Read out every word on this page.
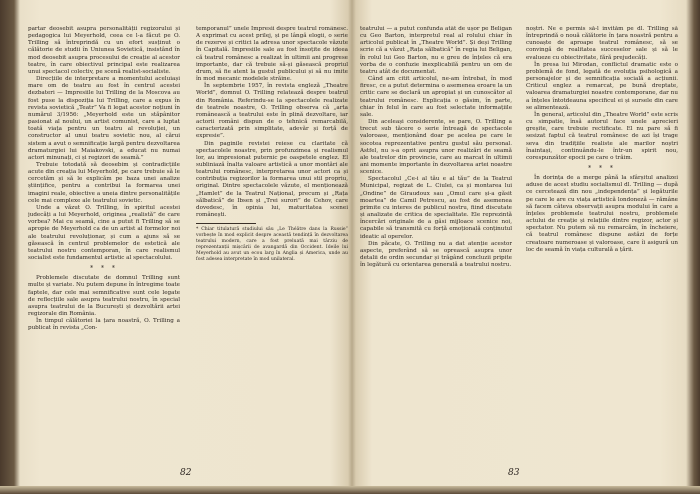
partar deosebit asupra personalității regizorului și pedagogica lui Meyerhold, ceea ce l-a făcut pe O. Trilling să întreprindă cu un efort susținut o călătorie de studii în Uniunea Sovietică, insistând în mod deosebit asupra procesului de creație al acestor teatre, în care obiectivul principal este realizarea unui spectacol colectiv, pe scenă realist-socialiste.

Direcțiile de interpretare a momentului aceluiași mare om de teatru au fost în centrul acestei dezbateri — Impresiile lui Trilling de la Moscova au fost puse la dispoziția lui Trilling, care a expus în revista sovietică „Teatr” Va fi legat acestor noțiuni în numărul 3/1956: „Meyerhold este un stăpânitor pasionat al noului, un artist comunist, care a luptat toată viața pentru un teatru al revoluției, un constructor al unui teatru sovietic nou, al cărui sistem a avut o semnificație largă pentru dezvoltarea dramaturgiei lui Maiakovski, a educat nu numai actori minunați, ci și regizori de seamă.”

Trebuie totodată să deosebim și contradicțiile acute din creația lui Meyerhold, pe care trebuie să le cercetăm și să le explicăm pe baza unei analize științifice, pentru a contribui la formarea unei imagini reale, obiective a uneia dintre personalitățile cele mai complexe ale teatrului sovietic.

Unde a văzut O. Trilling, în spiritul acestei judecăți a lui Meyerhold, originea „realistă” de care vorbea? Mai cu seamă, cine a putut fi Trilling să se apropie de Meyerhold ca de un artist al formelor noi ale teatrului revoluționar, și cum a ajuns să se găsească în centrul problemelor de estetică ale teatrului nostru contemporan, în care realismul socialist este fundamentul artistic al spectacolului.

* * *

Problemele discutate de domnul Trilling sunt multe și variate. Nu putem depune în întregime toate faptele, dar cele mai semnificative sunt cele legate de reflecțiile sale asupra teatrului nostru, în special asupra teatrului de la București și dezvoltării artei regizorale din România.

În timpul călătoriei la țara noastră, O. Trilling a publicat în revista „Con-

temporanul” unele Impresii despre teatrul românesc. A exprimat cu acest prilej, și pe lângă elogii, o serie de rezerve și critici la adresa unor spectacole văzute în Capitală. Impresiile sale au fost însoțite de ideea că teatrul românesc a realizat în ultimii ani progrese importante, dar că trebuie să-și găsească propriul drum, să fie atent la gustul publicului și să nu imite în mod mecanic modelele străine.

În septembrie 1957, în revista engleză „Theatre World”, domnul O. Trilling relatează despre teatrul din România. Referindu-se la spectacolele realizate de teatrele noastre, O. Trilling observa că „arta românească a teatrului este în plină dezvoltare, iar actorii români dispun de o tehnică remarcabilă, caracterizată prin simplitate, adevăr și forță de expresie”.

Din paginile revistei reiese cu claritate că spectacolele noastre, prin profunzimea și realismul lor, au impresionat puternic pe oaspetele englez. El subliniază înalta valoare artistică a unor montări ale teatrului românesc, interpretarea unor actori ca și contribuția regizorilor la formarea unui stil propriu, original. Dintre spectacolele văzute, el menționează „Hamlet” de la Teatrul Național, precum și „Rața sălbatică” de Ibsen și „Trei surori” de Cehov, care dovedesc, în opinia lui, maturitatea scenei românești.

* Chiar titulatură studiului său „Le Théâtre dans la Russie” vorbește în mod explicit despre această tendință în dezvoltarea teatrului modern, care a fost preluată mai târziu de reprezentanții mișcării de avangardă din Occident. Ideile lui Meyerhold au avut un ecou larg în Anglia și America, unde au fost adesea interpretate în mod unilateral.
82

teatrului — a putut confunda atât de ușor pe Beligan cu Geo Barton, interpretul real al rolului chiar în articolul publicat în „Theatre World”. Și deși Trilling scrie că a văzut „Rața sălbatică” în regia lui Beligan, în rolul lui Geo Barton, nu e greu de înțeles că era vorba de o confuzie inexplicabilă pentru un om de teatru atât de documentat.

Când am citit articolul, ne-am întrebat, în mod firesc, ce a putut determina o asemenea eroare la un critic care se declară un apropiat și un cunoscător al teatrului românesc. Explicația o găsim, în parte, chiar în felul în care au fost selectate informațiile sale.

Din aceleași considerente, se pare, O. Trilling a trecut sub tăcere o serie întreagă de spectacole valoroase, menționând doar pe acelea pe care le socotea reprezentative pentru gustul său personal. Astfel, nu s-a oprit asupra unor realizări de seamă ale teatrelor din provincie, care au marcat în ultimii ani momente importante în dezvoltarea artei noastre scenice.

Spectacolul „Ce-i al tău e al tău” de la Teatrul Municipal, regizat de L. Ciulei, ca și montarea lui „Ondine” de Giraudoux sau „Omul care și-a găsit moartea” de Camil Petrescu, au fost de asemenea primite cu interes de publicul nostru, fiind discutate și analizate de critica de specialitate. Ele reprezintă încercări originale de a găsi mijloace scenice noi, capabile să transmită cu forță emoțională conținutul ideatic al operelor.

Din păcate, O. Trilling nu a dat atenție acestor aspecte, preferând să se oprească asupra unor detalii de ordin secundar și trăgând concluzii pripite în legătură cu orientarea generală a teatrului nostru.

noștri. Ne e permis să-l invităm pe dl. Trilling să întreprindă o nouă călătorie în țara noastră pentru a cunoaște de aproape teatrul românesc, să se convingă de realitatea succeselor sale și să le evalueze cu obiectivitate, fără prejudecăți.

În presa lui Mirodan, conflictul dramatic este o problemă de fond, legată de evoluția psihologică a personajelor și de semnificația socială a acțiunii. Criticul englez a remarcat, pe bună dreptate, valoarea dramaturgiei noastre contemporane, dar nu a înțeles întotdeauna specificul ei și sursele din care se alimentează.

În general, articolul din „Theatre World” este scris cu simpatie, însă autorul face unele aprecieri greșite, care trebuie rectificate. El nu pare să fi sesizat faptul că teatrul românesc de azi își trage seva din tradițiile realiste ale marilor noștri înaintași, continuându-le într-un spirit nou, corespunzător epocii pe care o trăim.

* * *

În dorința de a merge până la sfârșitul analizei aduse de acest studiu socialismul dl. Trilling — după ce cercetează din nou „independența” și legăturile pe care le are cu viața artistică londoneză — rămâne să facem câteva observații asupra modului în care a înțeles problemele teatrului nostru, problemele actului de creație și relațiile dintre regizor, actor și spectator. Nu putem să nu remarcăm, în încheiere, că teatrul românesc dispune astăzi de forțe creatoare numeroase și valoroase, care îi asigură un loc de seamă în viața culturală a țării.

83
